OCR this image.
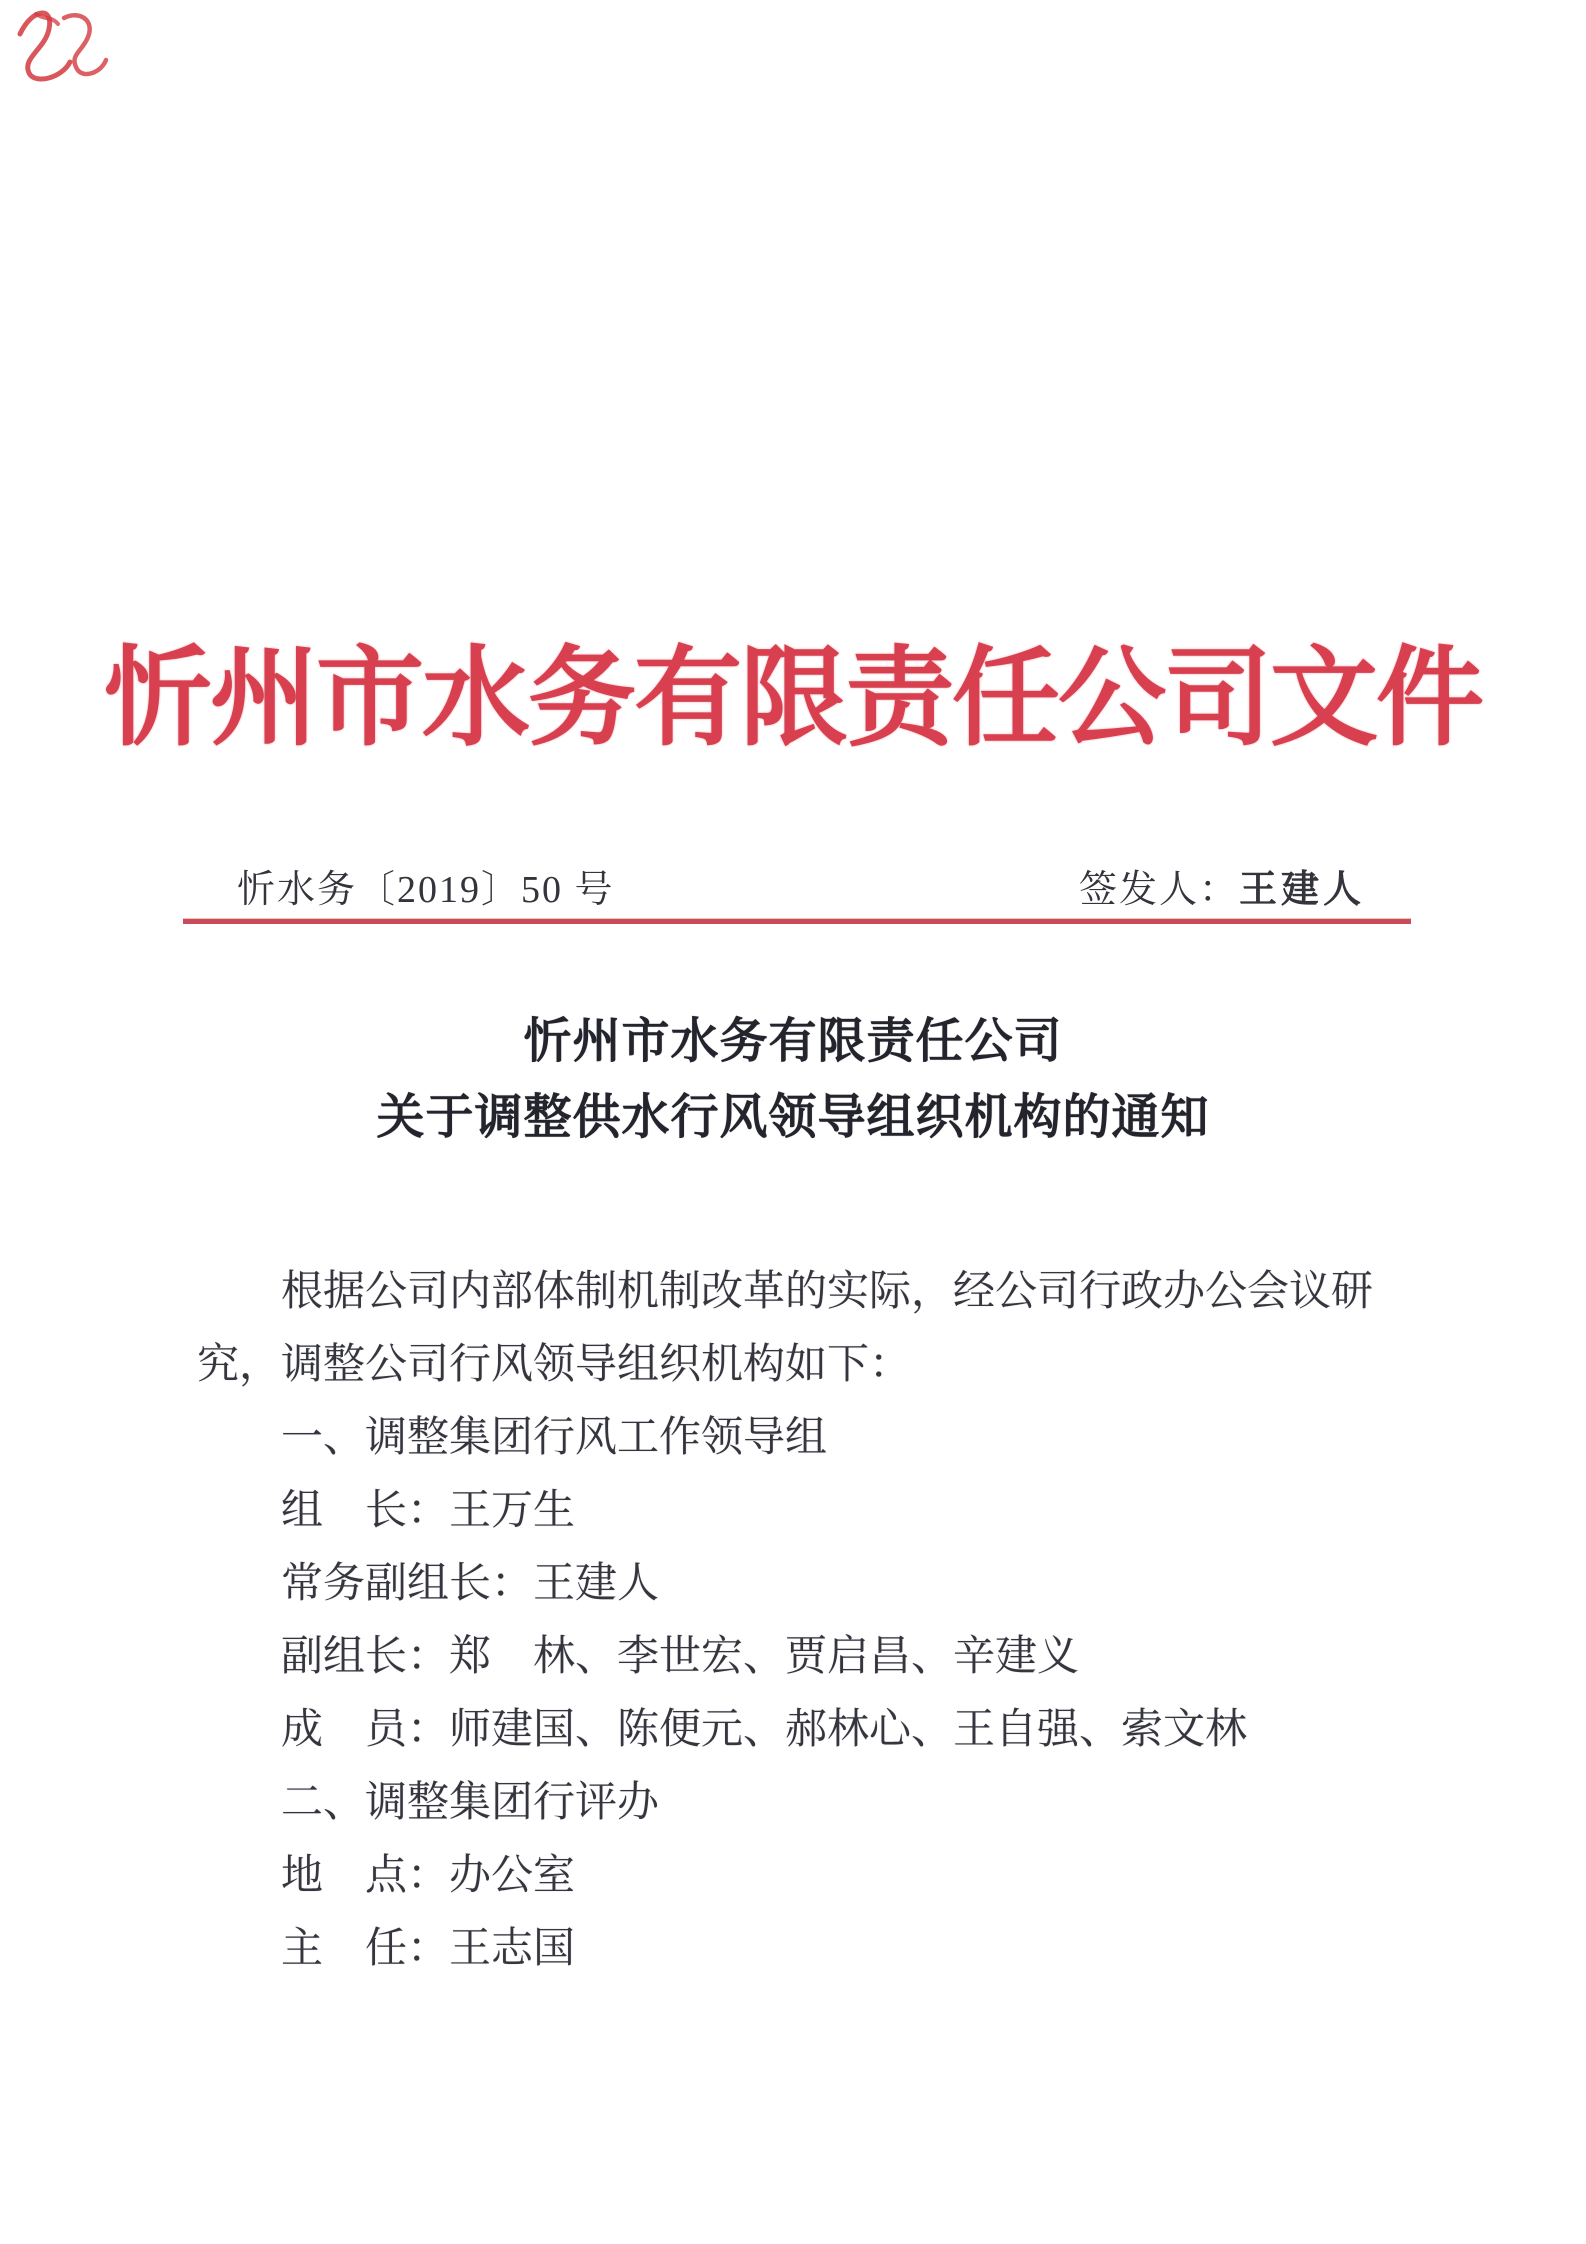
忻州市水务有限责任公司文件
忻水务〔2019〕50 号	签发人：王建人
忻州市水务有限责任公司
关于调整供水行风领导组织机构的通知
　　根据公司内部体制机制改革的实际，经公司行政办公会议研
究，调整公司行风领导组织机构如下：
　　一、调整集团行风工作领导组
　　组　长：王万生
　　常务副组长：王建人
　　副组长：郑　林、李世宏、贾启昌、辛建义
　　成　员：师建国、陈便元、郝林心、王自强、索文林
　　二、调整集团行评办
　　地　点：办公室
　　主　任：王志国
